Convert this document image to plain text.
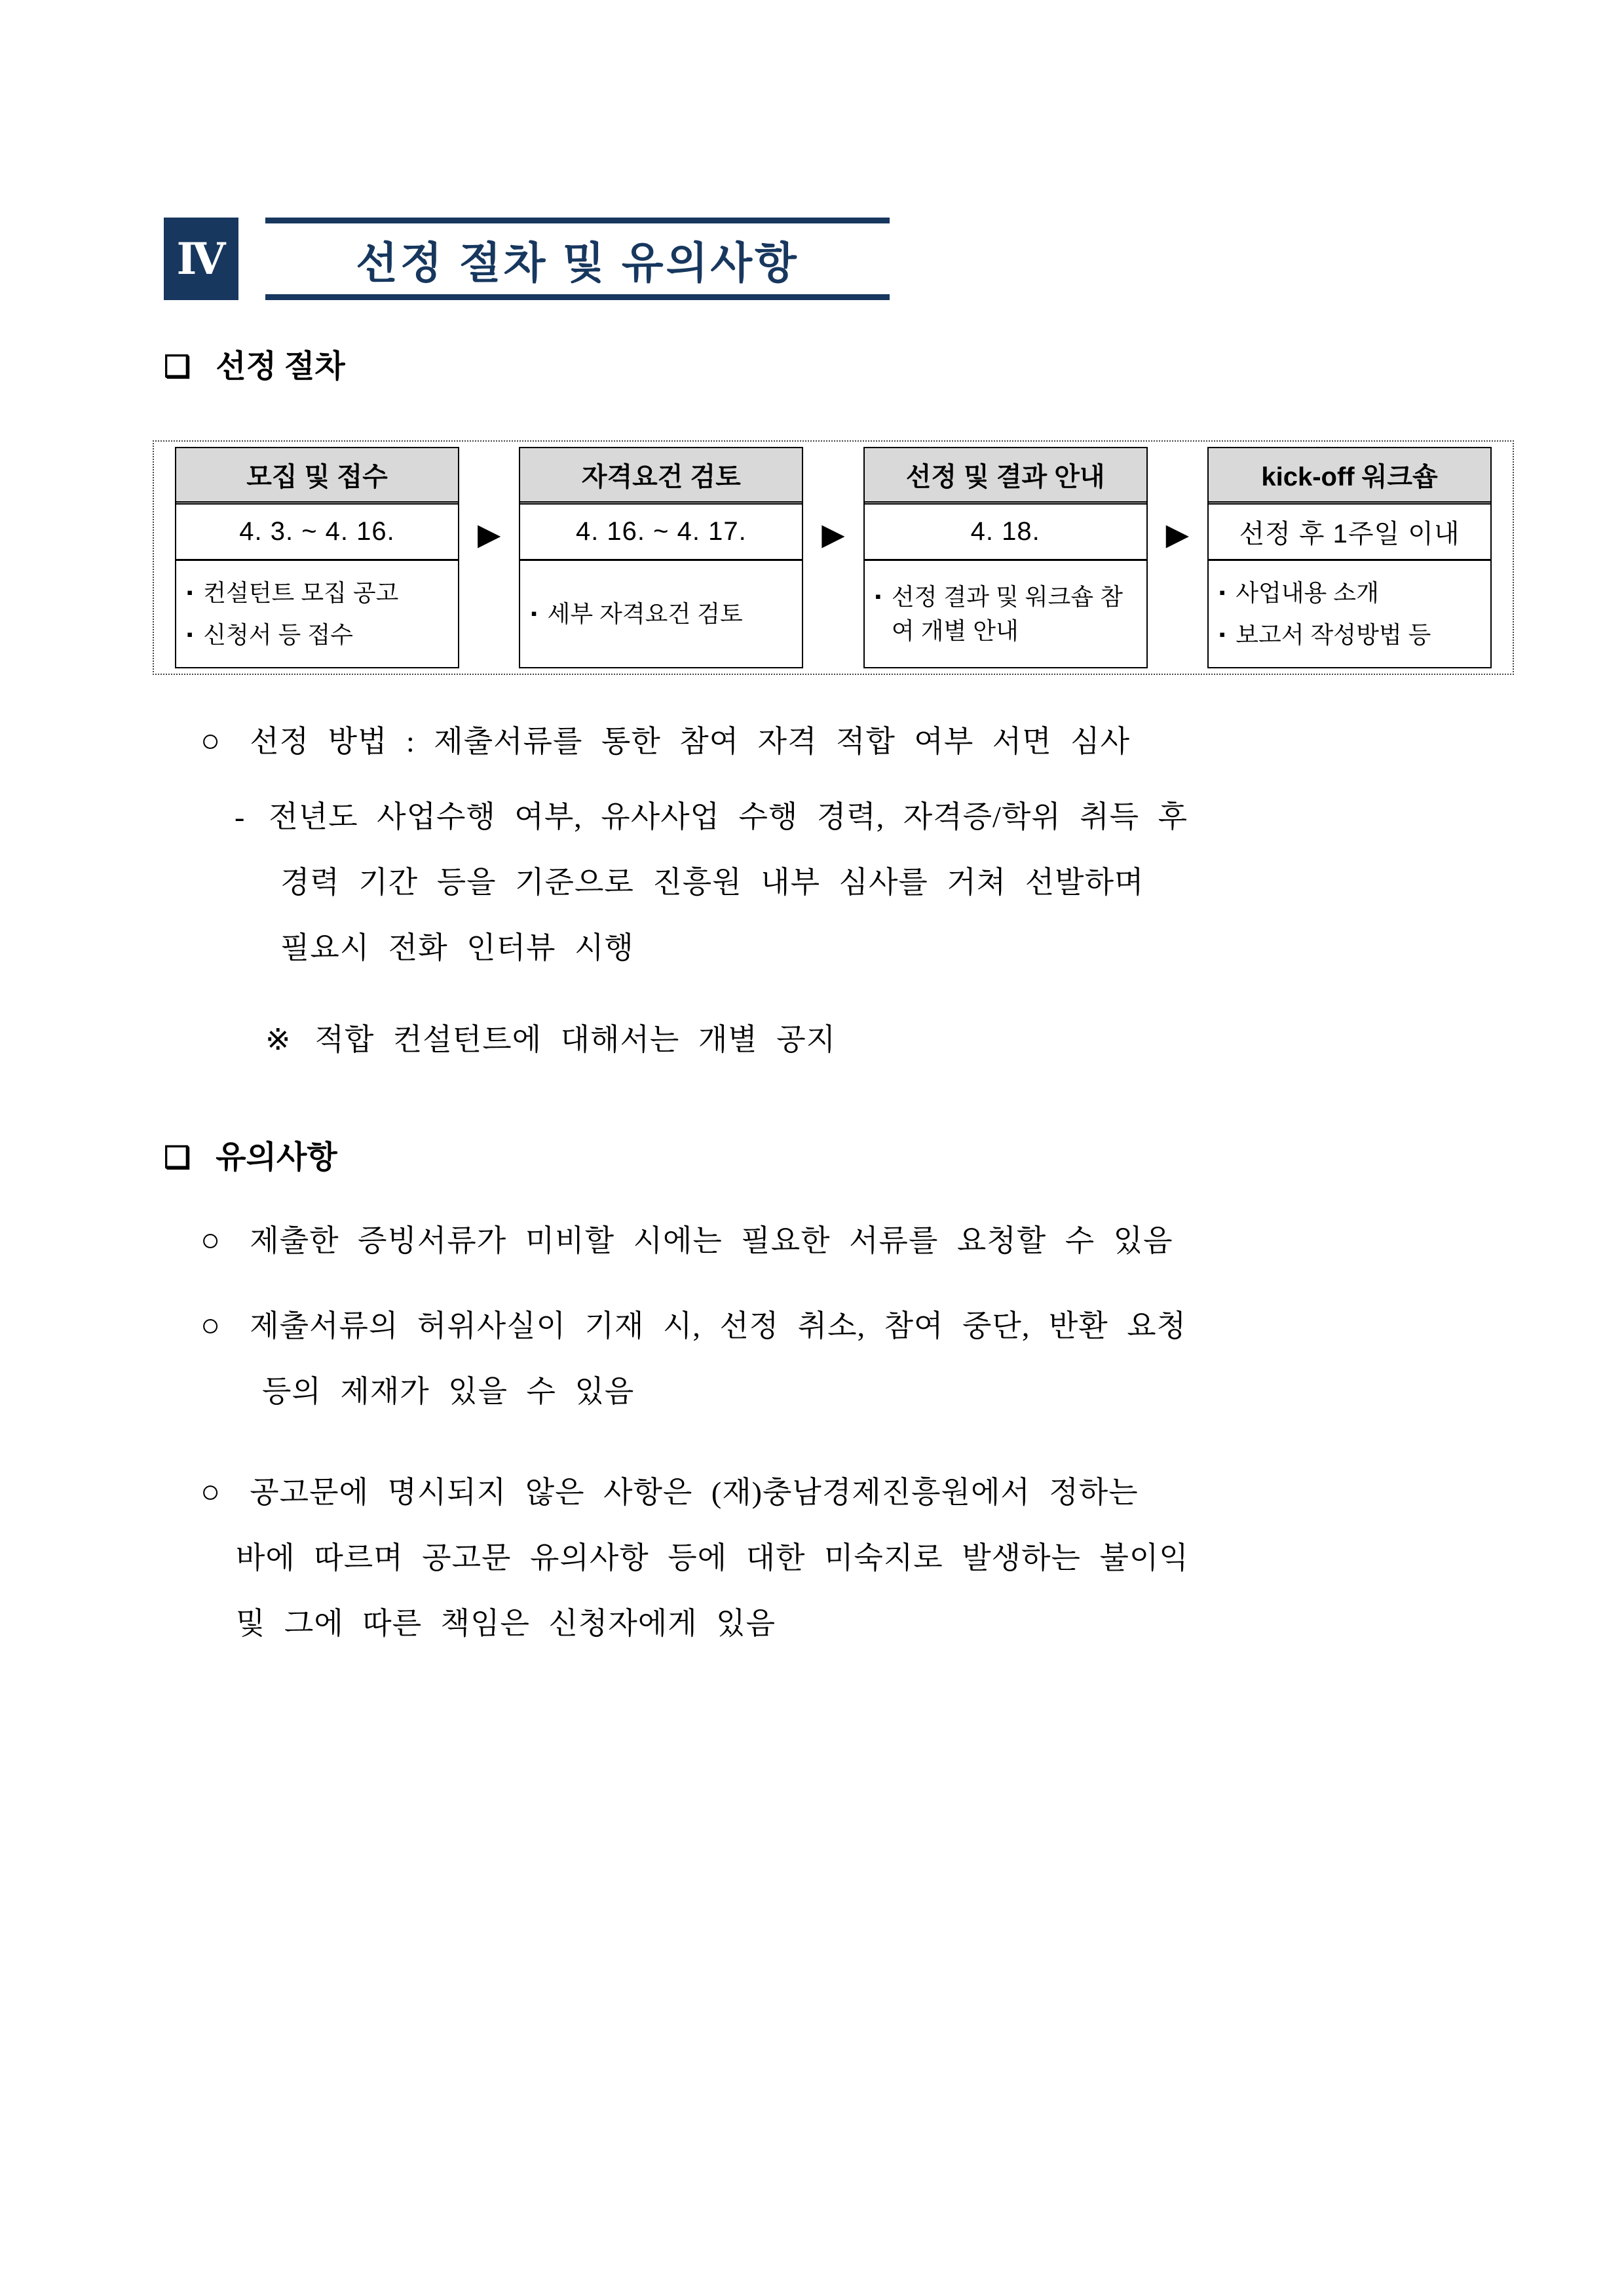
Ⅳ	선정 절차 및 유의사항
❑ 선정 절차
모집 및 접수
4. 3. ~ 4. 16.
▪ 컨설턴트 모집 공고
▪ 신청서 등 접수
▶
자격요건 검토
4. 16. ~ 4. 17.
▪ 세부 자격요건 검토
▶
선정 및 결과 안내
4. 18.
▪ 선정 결과 및 워크숍 참여 개별 안내
▶
kick-off 워크숍
선정 후 1주일 이내
▪ 사업내용 소개
▪ 보고서 작성방법 등
○ 선정 방법 : 제출서류를 통한 참여 자격 적합 여부 서면 심사
- 전년도 사업수행 여부, 유사사업 수행 경력, 자격증/학위 취득 후
경력 기간 등을 기준으로 진흥원 내부 심사를 거쳐 선발하며
필요시 전화 인터뷰 시행
※ 적합 컨설턴트에 대해서는 개별 공지
❑ 유의사항
○ 제출한 증빙서류가 미비할 시에는 필요한 서류를 요청할 수 있음
○ 제출서류의 허위사실이 기재 시, 선정 취소, 참여 중단, 반환 요청
등의 제재가 있을 수 있음
○ 공고문에 명시되지 않은 사항은 (재)충남경제진흥원에서 정하는
바에 따르며 공고문 유의사항 등에 대한 미숙지로 발생하는 불이익
및 그에 따른 책임은 신청자에게 있음
